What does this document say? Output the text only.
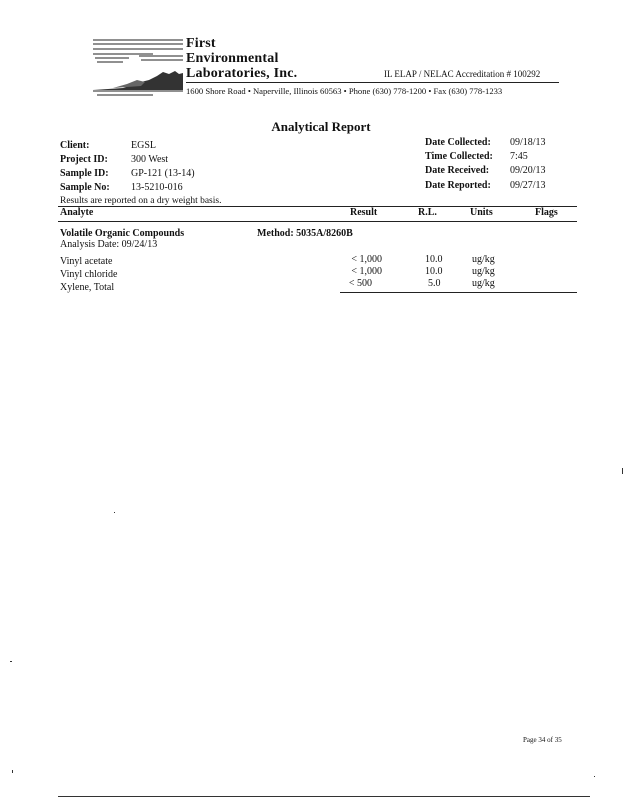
First
Environmental
Laboratories, Inc.	IL ELAP / NELAC Accreditation # 100292
1600 Shore Road • Naperville, Illinois 60563 • Phone (630) 778-1200 • Fax (630) 778-1233
Analytical Report
Client:	EGSL
Project ID: 300 West
Sample ID: GP-121 (13-14)
Sample No: 13-5210-016
Date Collected: 09/18/13
Time Collected: 7:45
Date Received: 09/20/13
Date Reported: 09/27/13
Results are reported on a dry weight basis.
Analyte	Result	R.L.	Units	Flags
Volatile Organic Compounds	Method: 5035A/8260B
Analysis Date: 09/24/13
Vinyl acetate	< 1,000	10.0	ug/kg
Vinyl chloride	< 1,000	10.0	ug/kg
Xylene, Total	< 500	5.0	ug/kg
Page 34 of 35
